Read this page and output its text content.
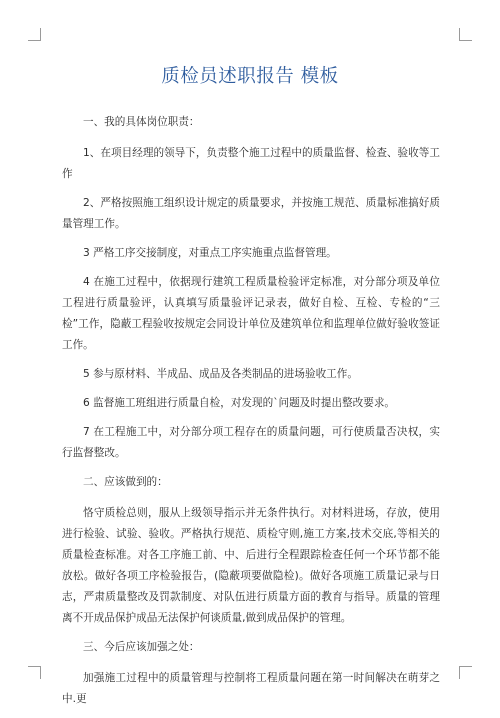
质检员述职报告 模板

一、我的具体岗位职责：

1、在项目经理的领导下，负责整个施工过程中的质量监督、检查、验收等工作

2、严格按照施工组织设计规定的质量要求，并按施工规范、质量标准搞好质量管理工作。

3 严格工序交接制度，对重点工序实施重点监督管理。

4 在施工过程中，依据现行建筑工程质量检验评定标准，对分部分项及单位工程进行质量验评，认真填写质量验评记录表，做好自检、互检、专检的“三检”工作，隐蔽工程验收按规定会同设计单位及建筑单位和监理单位做好验收签证工作。

5 参与原材料、半成品、成品及各类制品的进场验收工作。

6 监督施工班组进行质量自检，对发现的`问题及时提出整改要求。

7 在工程施工中，对分部分项工程存在的质量问题，可行使质量否决权，实行监督整改。

二、应该做到的：

恪守质检总则，服从上级领导指示并无条件执行。对材料进场，存放，使用进行检验、试验、验收。严格执行规范、质检守则,施工方案,技术交底,等相关的质量检查标准。对各工序施工前、中、后进行全程跟踪检查任何一个环节都不能放松。做好各项工序检验报告，(隐蔽项要做隐检)。做好各项施工质量记录与日志，严肃质量整改及罚款制度、对队伍进行质量方面的教育与指导。质量的管理离不开成品保护成品无法保护何谈质量,做到成品保护的管理。

三、今后应该加强之处：

加强施工过程中的质量管理与控制将工程质量问题在第一时间解决在萌芽之中.更
